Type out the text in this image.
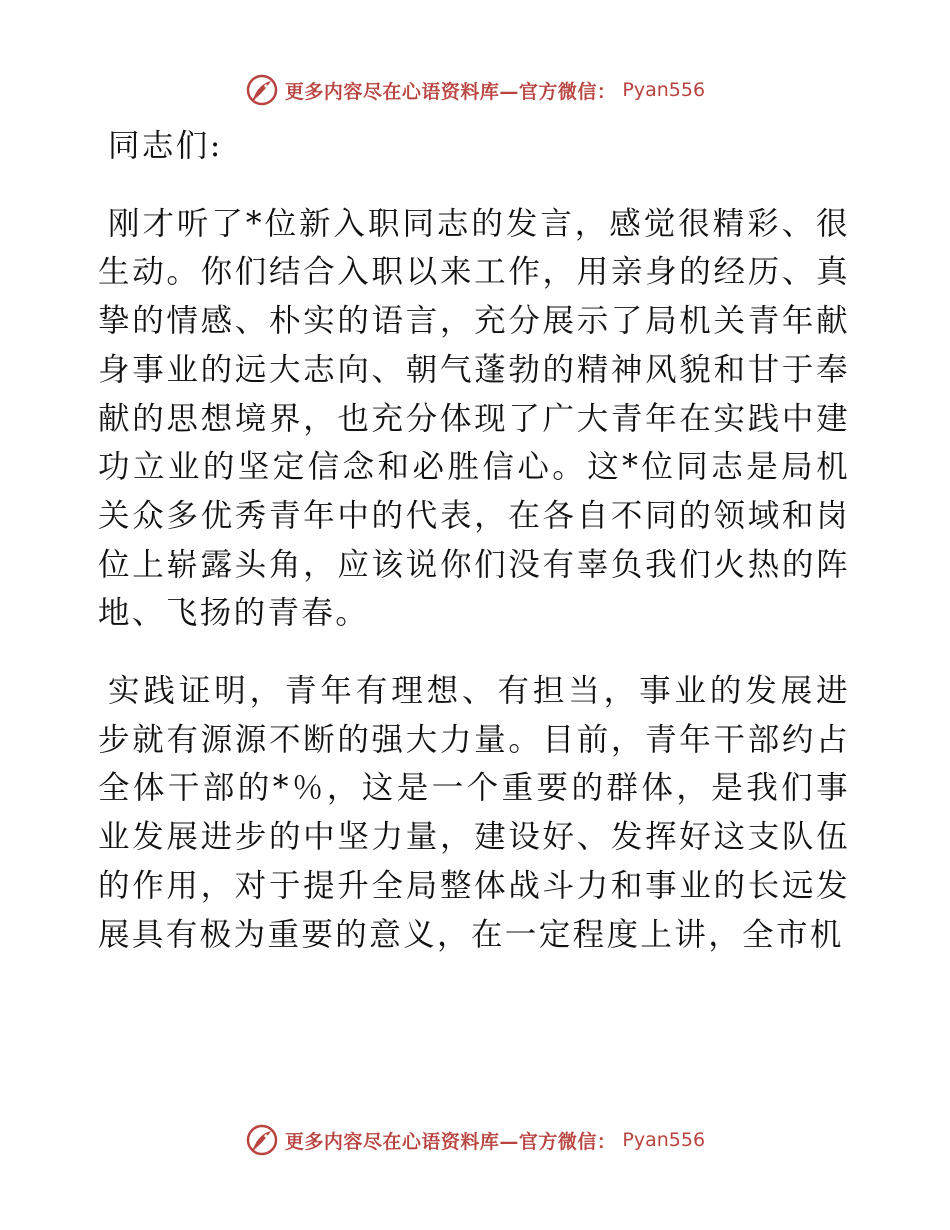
更多内容尽在心语资料库—官方微信： Pyan556

同志们:

刚才听了*位新入职同志的发言，感觉很精彩、很生动。你们结合入职以来工作，用亲身的经历、真挚的情感、朴实的语言，充分展示了局机关青年献身事业的远大志向、朝气蓬勃的精神风貌和甘于奉献的思想境界，也充分体现了广大青年在实践中建功立业的坚定信念和必胜信心。这*位同志是局机关众多优秀青年中的代表，在各自不同的领域和岗位上崭露头角，应该说你们没有辜负我们火热的阵地、飞扬的青春。

实践证明，青年有理想、有担当，事业的发展进步就有源源不断的强大力量。目前，青年干部约占全体干部的*％，这是一个重要的群体，是我们事业发展进步的中坚力量，建设好、发挥好这支队伍的作用，对于提升全局整体战斗力和事业的长远发展具有极为重要的意义，在一定程度上讲，全市机

更多内容尽在心语资料库—官方微信： Pyan556
